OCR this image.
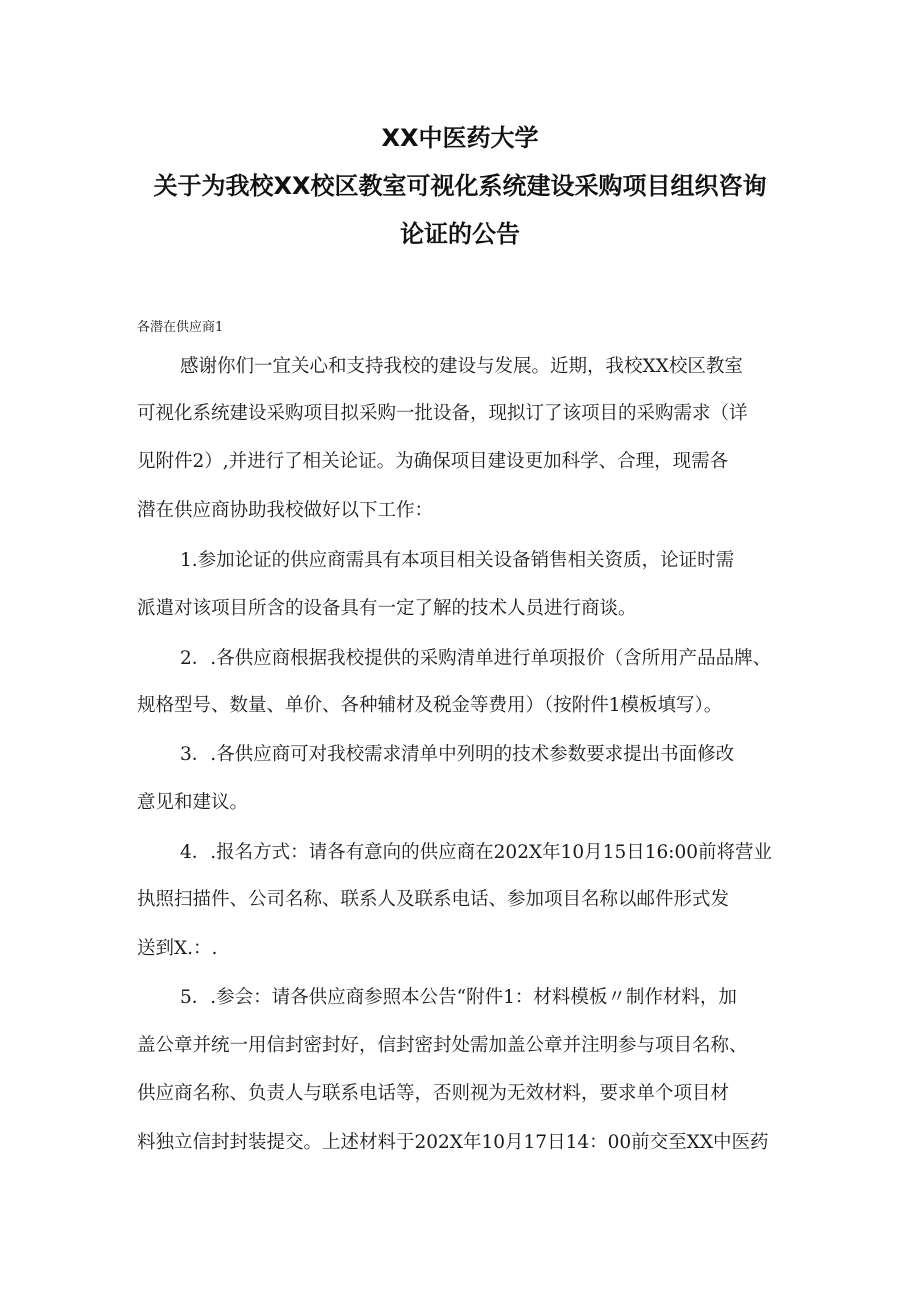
XX中医药大学
关于为我校XX校区教室可视化系统建设采购项目组织咨询
论证的公告
各潜在供应商1
感谢你们一宜关心和支持我校的建设与发展。近期，我校XX校区教室
可视化系统建设采购项目拟采购一批设备，现拟订了该项目的采购需求（详
见附件2）,并进行了相关论证。为确保项目建设更加科学、合理，现需各
潜在供应商协助我校做好以下工作：
1.参加论证的供应商需具有本项目相关设备销售相关资质，论证时需
派遣对该项目所含的设备具有一定了解的技术人员进行商谈。
2．.各供应商根据我校提供的采购清单进行单项报价（含所用产品品牌、
规格型号、数量、单价、各种辅材及税金等费用）（按附件1模板填写）。
3．.各供应商可对我校需求清单中列明的技术参数要求提出书面修改
意见和建议。
4．.报名方式：请各有意向的供应商在202X年10月15日16:00前将营业
执照扫描件、公司名称、联系人及联系电话、参加项目名称以邮件形式发
送到X.：.
5．.参会：请各供应商参照本公告“附件1：材料模板〃制作材料，加
盖公章并统一用信封密封好，信封密封处需加盖公章并注明参与项目名称、
供应商名称、负责人与联系电话等，否则视为无效材料，要求单个项目材
料独立信封封装提交。上述材料于202X年10月17日14：00前交至XX中医药
